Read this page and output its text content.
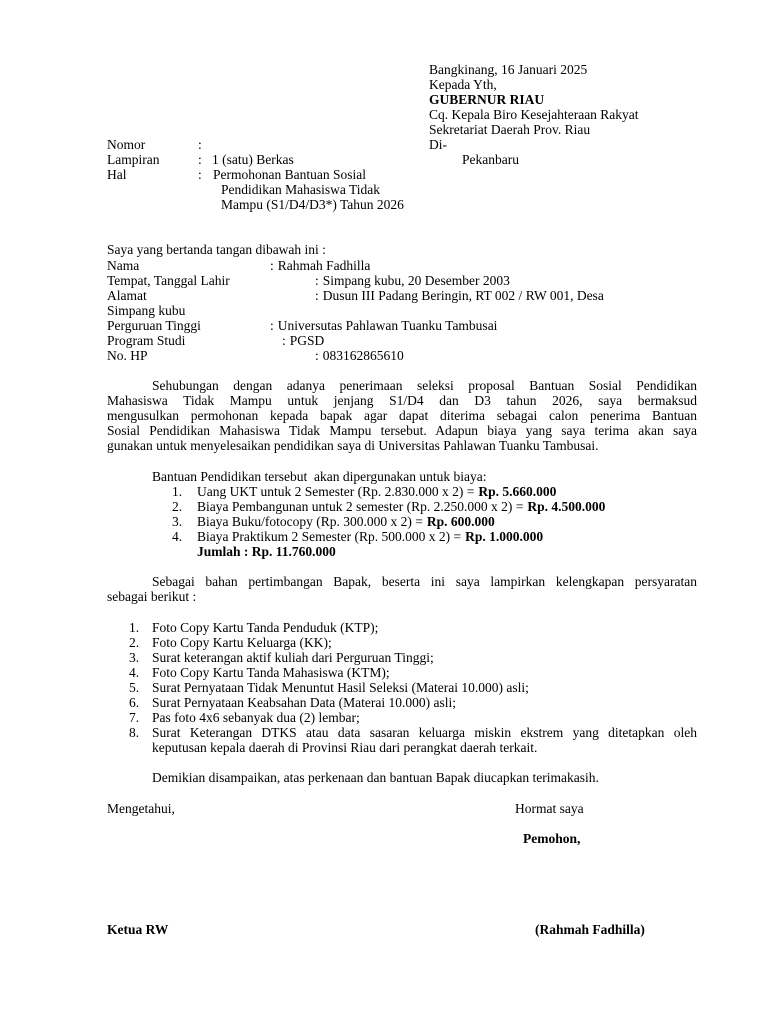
Bangkinang, 16 Januari 2025
Kepada Yth,
GUBERNUR RIAU
Cq. Kepala Biro Kesejahteraan Rakyat
Sekretariat Daerah Prov. Riau
Di-
Pekanbaru
Nomor	:
Lampiran	: 1 (satu) Berkas
Hal	: Permohonan Bantuan Sosial
Pendidikan Mahasiswa Tidak
Mampu (S1/D4/D3*) Tahun 2026
Saya yang bertanda tangan dibawah ini :
Nama	: Rahmah Fadhilla
Tempat, Tanggal Lahir	: Simpang kubu, 20 Desember 2003
Alamat	: Dusun III Padang Beringin, RT 002 / RW 001, Desa
Simpang kubu
Perguruan Tinggi	: Universutas Pahlawan Tuanku Tambusai
Program Studi	: PGSD
No. HP	: 083162865610
Sehubungan dengan adanya penerimaan seleksi proposal Bantuan Sosial Pendidikan
Mahasiswa Tidak Mampu untuk jenjang S1/D4 dan D3 tahun 2026, saya bermaksud
mengusulkan permohonan kepada bapak agar dapat diterima sebagai calon penerima Bantuan
Sosial Pendidikan Mahasiswa Tidak Mampu tersebut. Adapun biaya yang saya terima akan saya
gunakan untuk menyelesaikan pendidikan saya di Universitas Pahlawan Tuanku Tambusai.
Bantuan Pendidikan tersebut  akan dipergunakan untuk biaya:
1. Uang UKT untuk 2 Semester (Rp. 2.830.000 x 2) = Rp. 5.660.000
2. Biaya Pembangunan untuk 2 semester (Rp. 2.250.000 x 2) = Rp. 4.500.000
3. Biaya Buku/fotocopy (Rp. 300.000 x 2) = Rp. 600.000
4. Biaya Praktikum 2 Semester (Rp. 500.000 x 2) = Rp. 1.000.000
Jumlah : Rp. 11.760.000
Sebagai bahan pertimbangan Bapak, beserta ini saya lampirkan kelengkapan persyaratan
sebagai berikut :
1. Foto Copy Kartu Tanda Penduduk (KTP);
2. Foto Copy Kartu Keluarga (KK);
3. Surat keterangan aktif kuliah dari Perguruan Tinggi;
4. Foto Copy Kartu Tanda Mahasiswa (KTM);
5. Surat Pernyataan Tidak Menuntut Hasil Seleksi (Materai 10.000) asli;
6. Surat Pernyataan Keabsahan Data (Materai 10.000) asli;
7. Pas foto 4x6 sebanyak dua (2) lembar;
8. Surat Keterangan DTKS atau data sasaran keluarga miskin ekstrem yang ditetapkan oleh
keputusan kepala daerah di Provinsi Riau dari perangkat daerah terkait.
Demikian disampaikan, atas perkenaan dan bantuan Bapak diucapkan terimakasih.
Mengetahui,	Hormat saya
Pemohon,
Ketua RW	(Rahmah Fadhilla)
